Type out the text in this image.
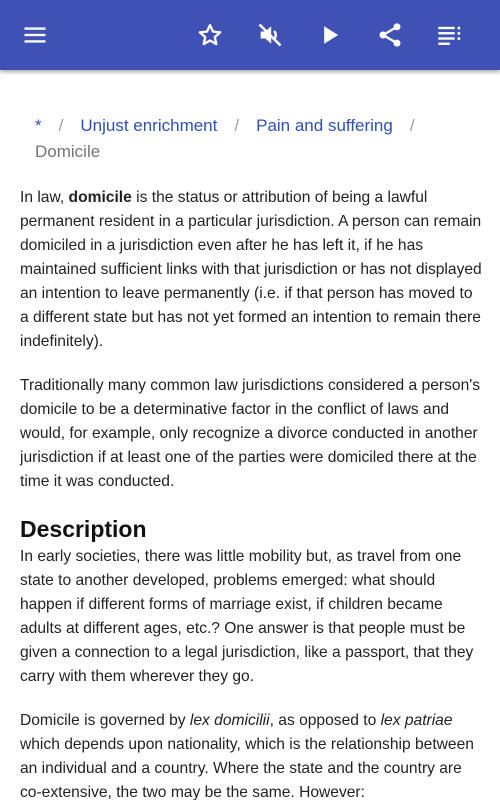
* / Unjust enrichment / Pain and suffering /
Domicile

In law, domicile is the status or attribution of being a lawful permanent resident in a particular jurisdiction. A person can remain domiciled in a jurisdiction even after he has left it, if he has maintained sufficient links with that jurisdiction or has not displayed an intention to leave permanently (i.e. if that person has moved to a different state but has not yet formed an intention to remain there indefinitely).

Traditionally many common law jurisdictions considered a person's domicile to be a determinative factor in the conflict of laws and would, for example, only recognize a divorce conducted in another jurisdiction if at least one of the parties were domiciled there at the time it was conducted.

Description

In early societies, there was little mobility but, as travel from one state to another developed, problems emerged: what should happen if different forms of marriage exist, if children became adults at different ages, etc.? One answer is that people must be given a connection to a legal jurisdiction, like a passport, that they carry with them wherever they go.

Domicile is governed by lex domicilii, as opposed to lex patriae which depends upon nationality, which is the relationship between an individual and a country. Where the state and the country are co-extensive, the two may be the same. However:
